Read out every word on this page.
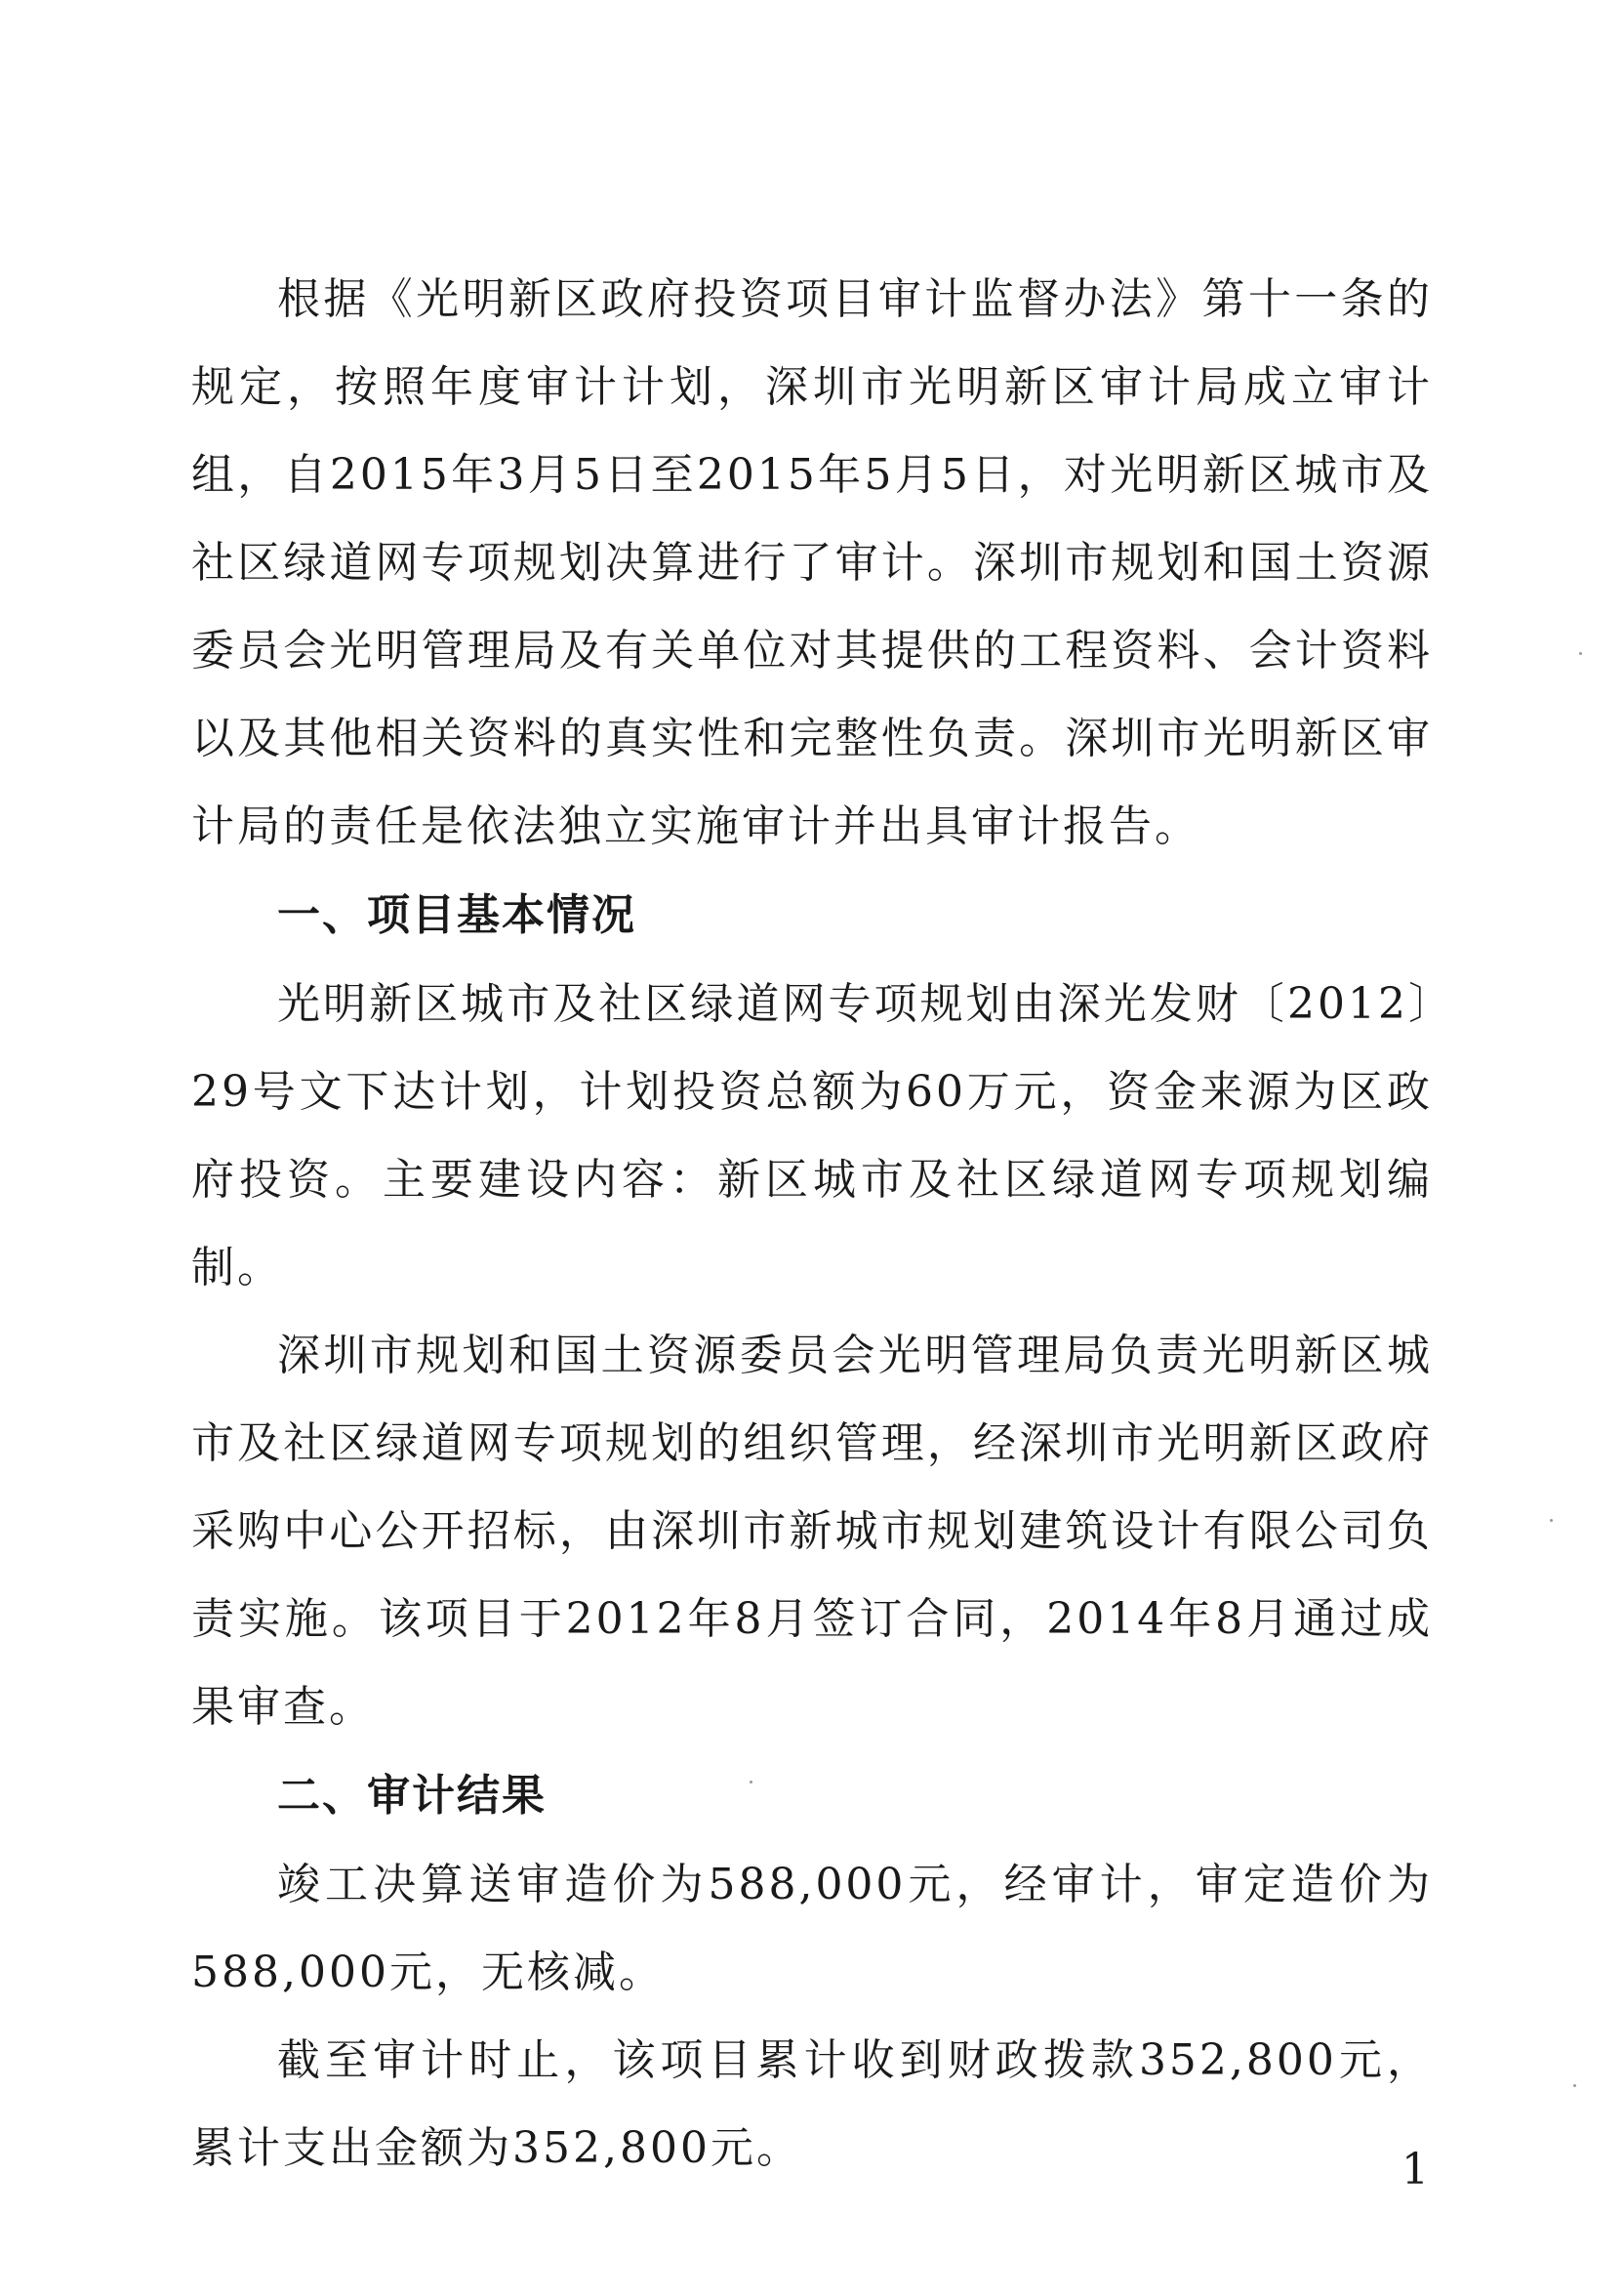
根据《光明新区政府投资项目审计监督办法》第十一条的规定，按照年度审计计划，深圳市光明新区审计局成立审计组，自2015年3月5日至2015年5月5日，对光明新区城市及社区绿道网专项规划决算进行了审计。深圳市规划和国土资源委员会光明管理局及有关单位对其提供的工程资料、会计资料以及其他相关资料的真实性和完整性负责。深圳市光明新区审计局的责任是依法独立实施审计并出具审计报告。

一、项目基本情况

光明新区城市及社区绿道网专项规划由深光发财〔2012〕29号文下达计划，计划投资总额为60万元，资金来源为区政府投资。主要建设内容：新区城市及社区绿道网专项规划编制。

深圳市规划和国土资源委员会光明管理局负责光明新区城市及社区绿道网专项规划的组织管理，经深圳市光明新区政府采购中心公开招标，由深圳市新城市规划建筑设计有限公司负责实施。该项目于2012年8月签订合同，2014年8月通过成果审查。

二、审计结果

竣工决算送审造价为588,000元，经审计，审定造价为588,000元，无核减。

截至审计时止，该项目累计收到财政拨款352,800元，累计支出金额为352,800元。	1
